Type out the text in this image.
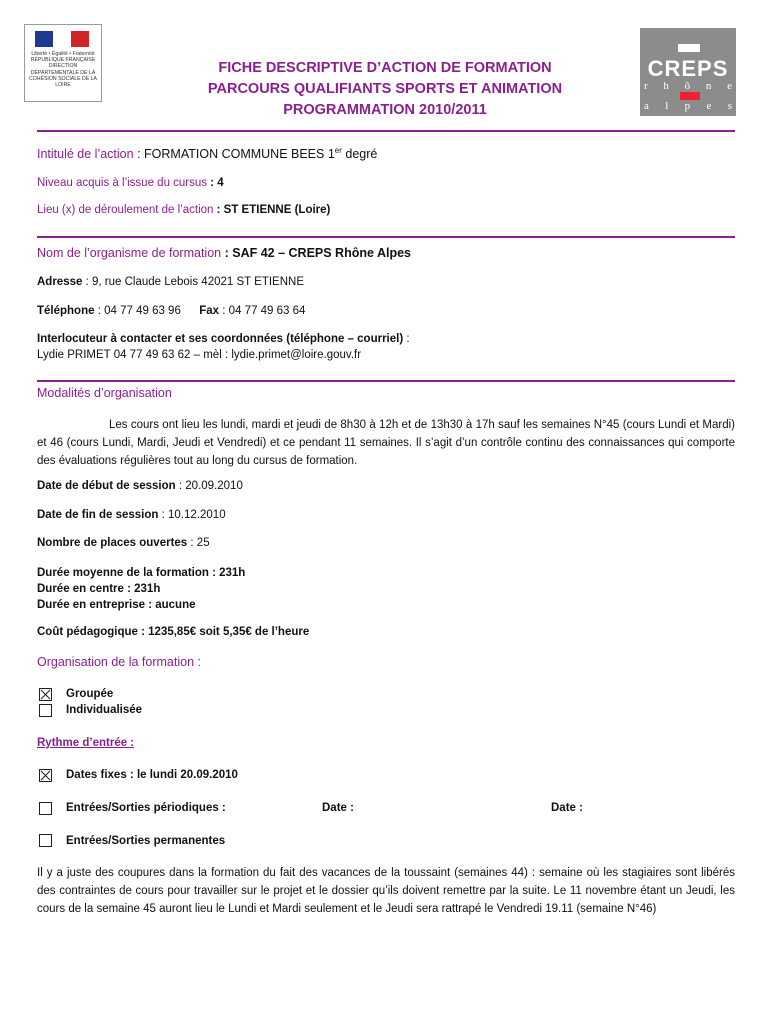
Liberté • Égalité • Fraternité RÉPUBLIQUE FRANÇAISE DIRECTION DÉPARTEMENTALE DE LA COHÉSION SOCIALE DE LA LOIRE
FICHE DESCRIPTIVE D’ACTION DE FORMATION
PARCOURS QUALIFIANTS SPORTS ET ANIMATION
PROGRAMMATION 2010/2011
CREPS
r h ô n e
a l p e s
Intitulé de l’action : FORMATION COMMUNE BEES 1er degré
Niveau acquis à l’issue du cursus : 4
Lieu (x) de déroulement de l’action : ST ETIENNE (Loire)
Nom de l’organisme de formation : SAF 42 – CREPS Rhône Alpes
Adresse : 9, rue Claude Lebois 42021 ST ETIENNE
Téléphone : 04 77 49 63 96 Fax : 04 77 49 63 64
Interlocuteur à contacter et ses coordonnées (téléphone – courriel) :
Lydie PRIMET 04 77 49 63 62 – mèl : lydie.primet@loire.gouv.fr
Modalités d’organisation
Les cours ont lieu les lundi, mardi et jeudi de 8h30 à 12h et de 13h30 à 17h sauf les semaines N°45 (cours Lundi et Mardi) et 46 (cours Lundi, Mardi, Jeudi et Vendredi) et ce pendant 11 semaines. Il s’agit d’un contrôle continu des connaissances qui comporte des évaluations régulières tout au long du cursus de formation.
Date de début de session : 20.09.2010
Date de fin de session : 10.12.2010
Nombre de places ouvertes : 25
Durée moyenne de la formation : 231h
Durée en centre : 231h
Durée en entreprise : aucune
Coût pédagogique : 1235,85€ soit 5,35€ de l’heure
Organisation de la formation :
Groupée
Individualisée
Rythme d’entrée :
Dates fixes : le lundi 20.09.2010
Entrées/Sorties périodiques :	Date :	Date :
Entrées/Sorties permanentes
Il y a juste des coupures dans la formation du fait des vacances de la toussaint (semaines 44) : semaine où les stagiaires sont libérés des contraintes de cours pour travailler sur le projet et le dossier qu’ils doivent remettre par la suite. Le 11 novembre étant un Jeudi, les cours de la semaine 45 auront lieu le Lundi et Mardi seulement et le Jeudi sera rattrapé le Vendredi 19.11 (semaine N°46)
